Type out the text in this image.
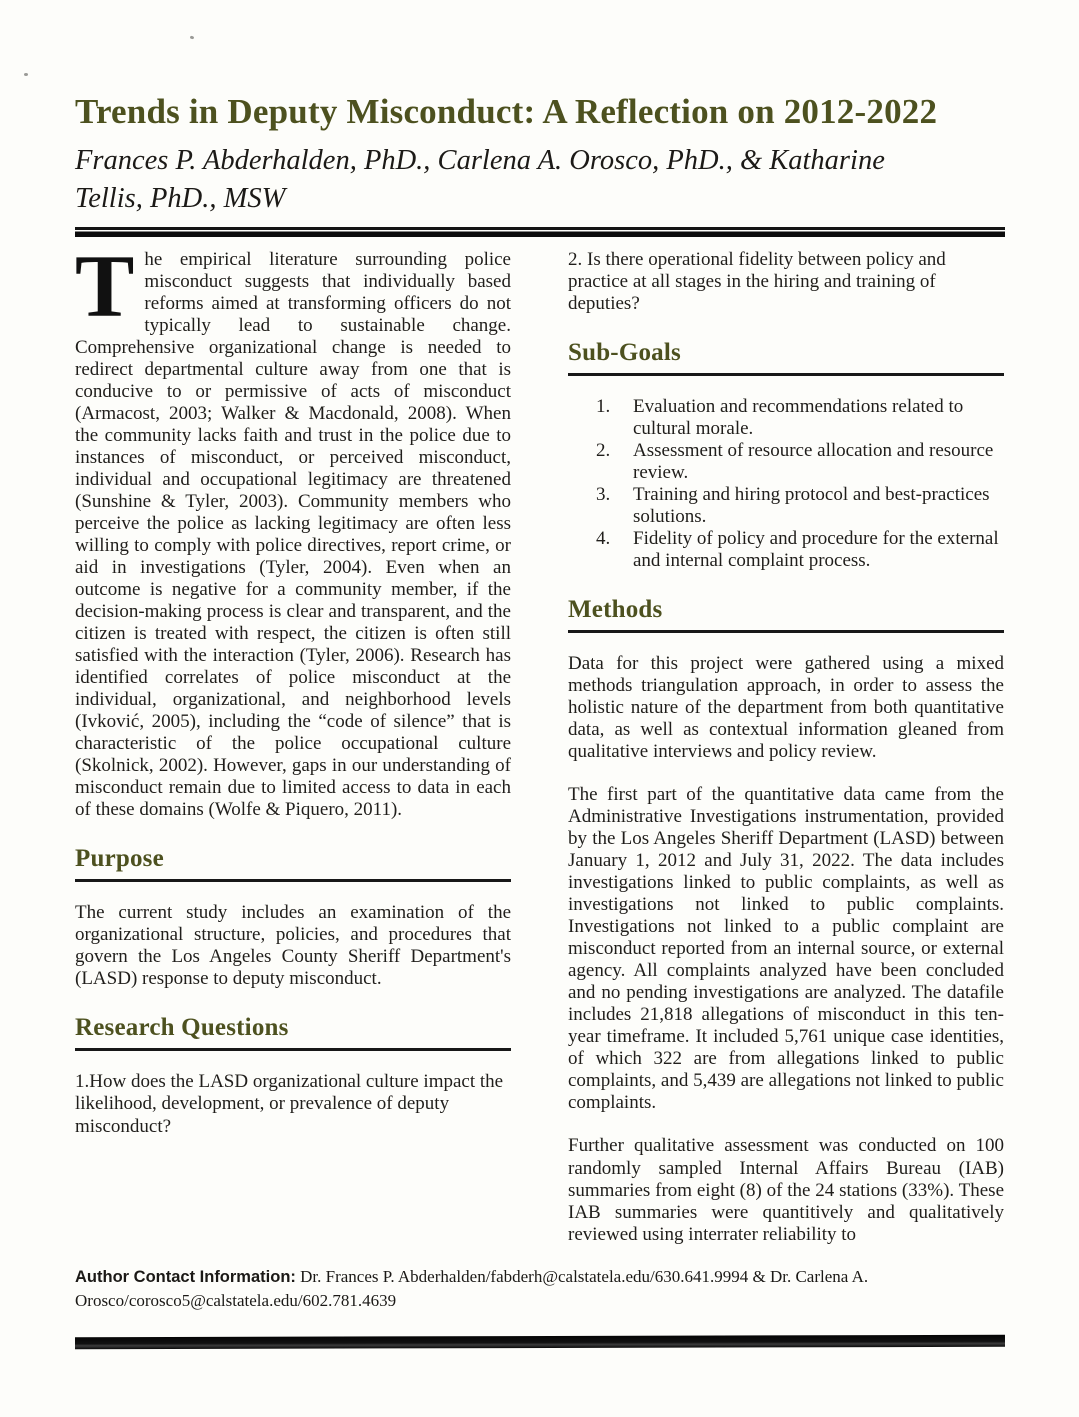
Trends in Deputy Misconduct: A Reflection on 2012-2022
Frances P. Abderhalden, PhD., Carlena A. Orosco, PhD., & Katharine Tellis, PhD., MSW

The empirical literature surrounding police misconduct suggests that individually based reforms aimed at transforming officers do not typically lead to sustainable change. Comprehensive organizational change is needed to redirect departmental culture away from one that is conducive to or permissive of acts of misconduct (Armacost, 2003; Walker & Macdonald, 2008). When the community lacks faith and trust in the police due to instances of misconduct, or perceived misconduct, individual and occupational legitimacy are threatened (Sunshine & Tyler, 2003). Community members who perceive the police as lacking legitimacy are often less willing to comply with police directives, report crime, or aid in investigations (Tyler, 2004). Even when an outcome is negative for a community member, if the decision-making process is clear and transparent, and the citizen is treated with respect, the citizen is often still satisfied with the interaction (Tyler, 2006). Research has identified correlates of police misconduct at the individual, organizational, and neighborhood levels (Ivković, 2005), including the “code of silence” that is characteristic of the police occupational culture (Skolnick, 2002). However, gaps in our understanding of misconduct remain due to limited access to data in each of these domains (Wolfe & Piquero, 2011).

Purpose

The current study includes an examination of the organizational structure, policies, and procedures that govern the Los Angeles County Sheriff Department's (LASD) response to deputy misconduct.

Research Questions

1.How does the LASD organizational culture impact the likelihood, development, or prevalence of deputy misconduct?

2. Is there operational fidelity between policy and practice at all stages in the hiring and training of deputies?

Sub-Goals
1.	Evaluation and recommendations related to cultural morale.
2.	Assessment of resource allocation and resource review.
3.	Training and hiring protocol and best-practices solutions.
4.	Fidelity of policy and procedure for the external and internal complaint process.
Methods

Data for this project were gathered using a mixed methods triangulation approach, in order to assess the holistic nature of the department from both quantitative data, as well as contextual information gleaned from qualitative interviews and policy review.

The first part of the quantitative data came from the Administrative Investigations instrumentation, provided by the Los Angeles Sheriff Department (LASD) between January 1, 2012 and July 31, 2022. The data includes investigations linked to public complaints, as well as investigations not linked to public complaints. Investigations not linked to a public complaint are misconduct reported from an internal source, or external agency. All complaints analyzed have been concluded and no pending investigations are analyzed. The datafile includes 21,818 allegations of misconduct in this ten-year timeframe. It included 5,761 unique case identities, of which 322 are from allegations linked to public complaints, and 5,439 are allegations not linked to public complaints.

Further qualitative assessment was conducted on 100 randomly sampled Internal Affairs Bureau (IAB) summaries from eight (8) of the 24 stations (33%). These IAB summaries were quantitively and qualitatively reviewed using interrater reliability to

Author Contact Information: Dr. Frances P. Abderhalden/fabderh@calstatela.edu/630.641.9994 & Dr. Carlena A. Orosco/corosco5@calstatela.edu/602.781.4639
